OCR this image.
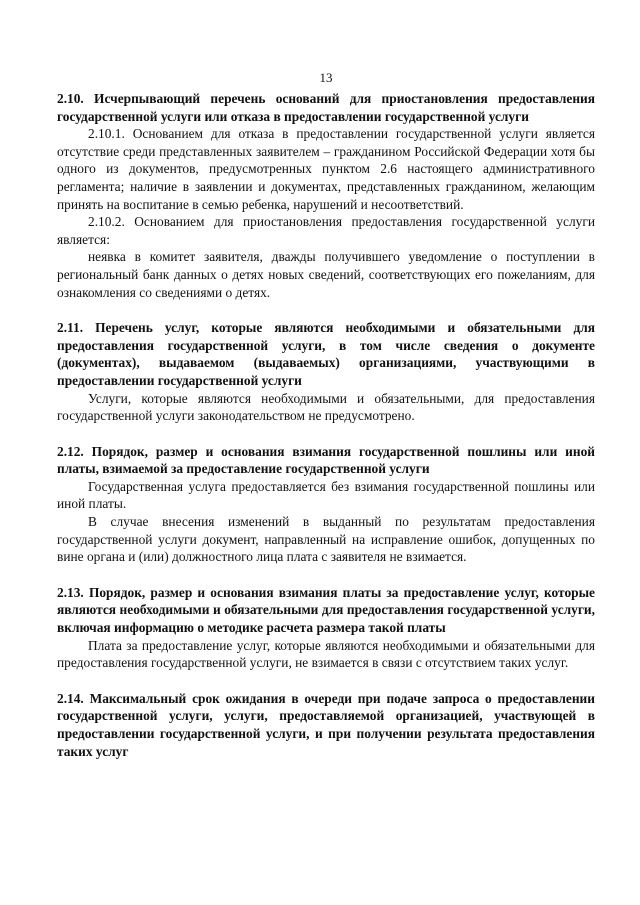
13

2.10. Исчерпывающий перечень оснований для приостановления предоставления государственной услуги или отказа в предоставлении государственной услуги

2.10.1. Основанием для отказа в предоставлении государственной услуги является отсутствие среди представленных заявителем – гражданином Российской Федерации хотя бы одного из документов, предусмотренных пунктом 2.6 настоящего административного регламента; наличие в заявлении и документах, представленных гражданином, желающим принять на воспитание в семью ребенка, нарушений и несоответствий.

2.10.2. Основанием для приостановления предоставления государственной услуги является:

неявка в комитет заявителя, дважды получившего уведомление о поступлении в региональный банк данных о детях новых сведений, соответствующих его пожеланиям, для ознакомления со сведениями о детях.

2.11. Перечень услуг, которые являются необходимыми и обязательными для предоставления государственной услуги, в том числе сведения о документе (документах), выдаваемом (выдаваемых) организациями, участвующими в предоставлении государственной услуги

Услуги, которые являются необходимыми и обязательными, для предоставления государственной услуги законодательством не предусмотрено.

2.12. Порядок, размер и основания взимания государственной пошлины или иной платы, взимаемой за предоставление государственной услуги

Государственная услуга предоставляется без взимания государственной пошлины или иной платы.

В случае внесения изменений в выданный по результатам предоставления государственной услуги документ, направленный на исправление ошибок, допущенных по вине органа и (или) должностного лица плата с заявителя не взимается.

2.13. Порядок, размер и основания взимания платы за предоставление услуг, которые являются необходимыми и обязательными для предоставления государственной услуги, включая информацию о методике расчета размера такой платы

Плата за предоставление услуг, которые являются необходимыми и обязательными для предоставления государственной услуги, не взимается в связи с отсутствием таких услуг.

2.14. Максимальный срок ожидания в очереди при подаче запроса о предоставлении государственной услуги, услуги, предоставляемой организацией, участвующей в предоставлении государственной услуги, и при получении результата предоставления таких услуг
